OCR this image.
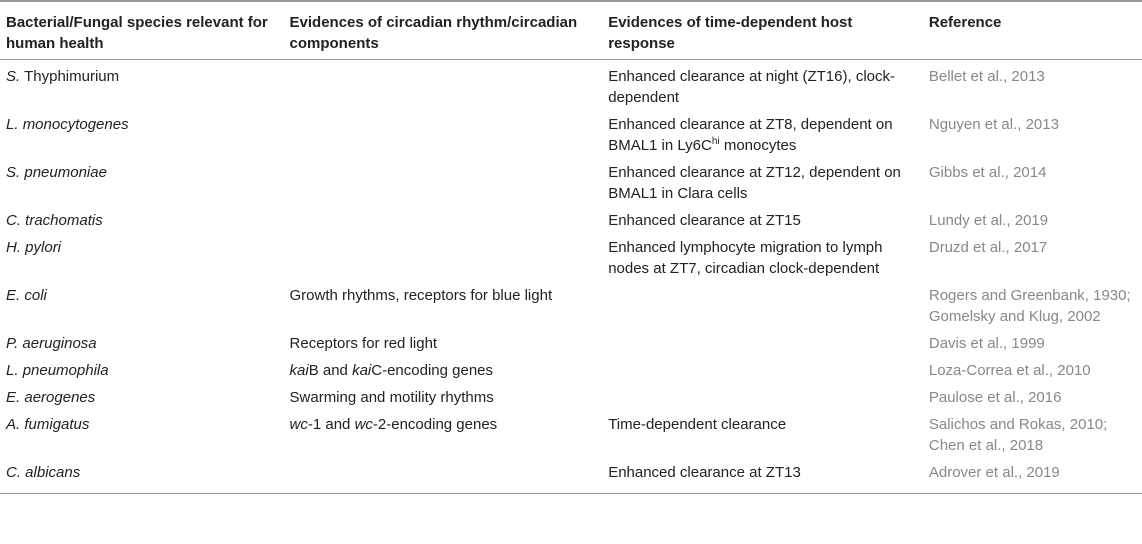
Bacterial/Fungal species relevant for human health	Evidences of circadian rhythm/circadian components	Evidences of time-dependent host response	Reference
S. Thyphimurium		Enhanced clearance at night (ZT16), clock-dependent	Bellet et al., 2013
L. monocytogenes		Enhanced clearance at ZT8, dependent on BMAL1 in $Ly6C^{hi}$ monocytes	Nguyen et al., 2013
S. pneumoniae		Enhanced clearance at ZT12, dependent on BMAL1 in Clara cells	Gibbs et al., 2014
C. trachomatis		Enhanced clearance at ZT15	Lundy et al., 2019
H. pylori		Enhanced lymphocyte migration to lymph nodes at ZT7, circadian clock-dependent	Druzd et al., 2017
E. coli	Growth rhythms, receptors for blue light		Rogers and Greenbank, 1930; Gomelsky and Klug, 2002
P. aeruginosa	Receptors for red light		Davis et al., 1999
L. pneumophila	kaiB and kaiC-encoding genes		Loza-Correa et al., 2010
E. aerogenes	Swarming and motility rhythms		Paulose et al., 2016
A. fumigatus	wc-1 and wc-2-encoding genes	Time-dependent clearance	Salichos and Rokas, 2010; Chen et al., 2018
C. albicans		Enhanced clearance at ZT13	Adrover et al., 2019
